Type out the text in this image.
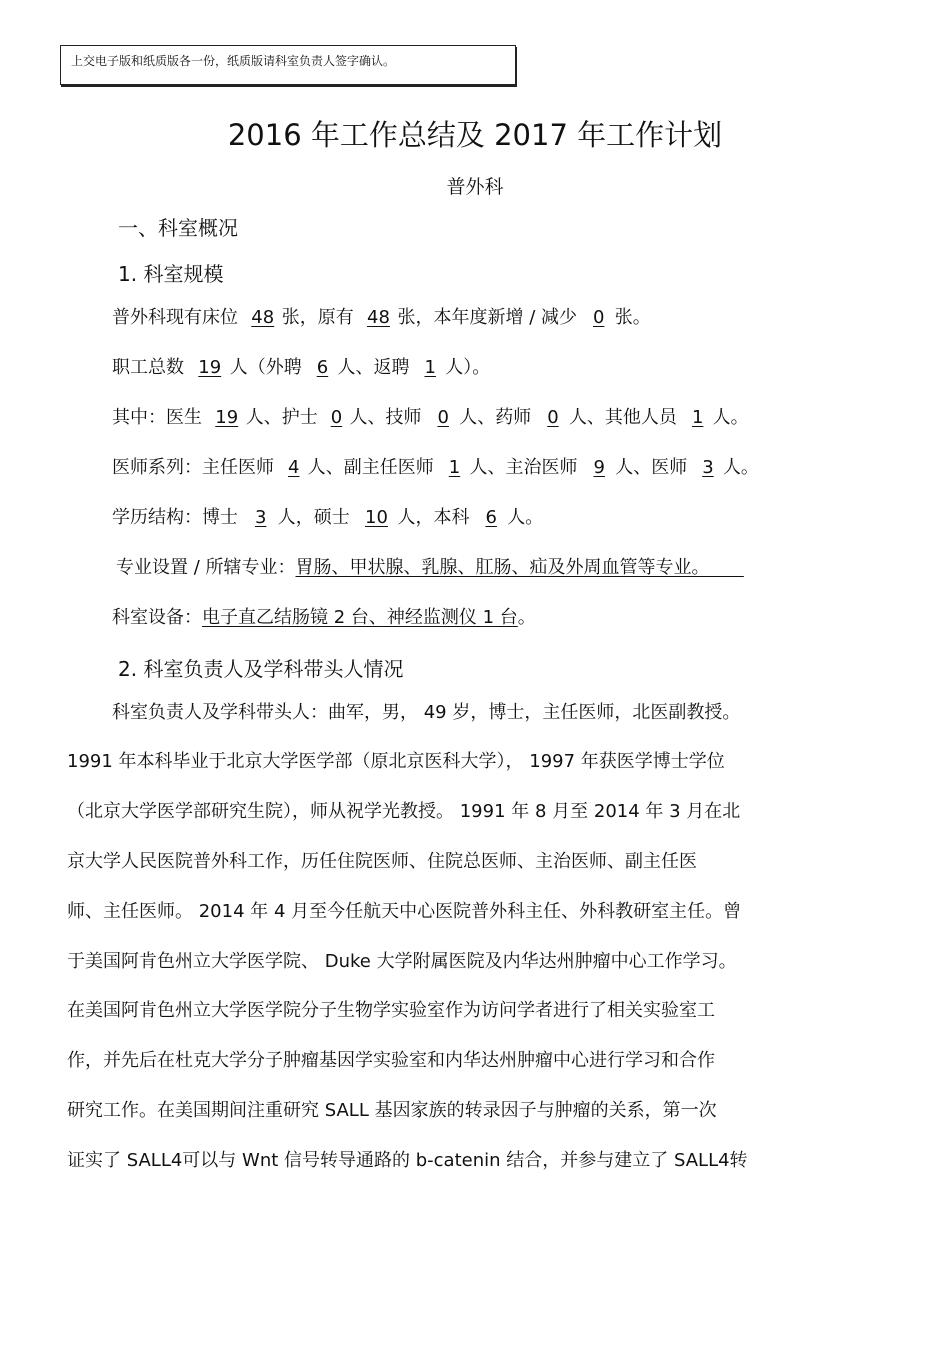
上交电子版和纸质版各一份，纸质版请科室负责人签字确认。
2016 年工作总结及 2017 年工作计划
普外科
一、科室概况
1. 科室规模
普外科现有床位 48 张，原有 48 张，本年度新增 / 减少 0 张。
职工总数 19 人（外聘 6 人、返聘 1 人）。
其中：医生 19 人、护士 0 人、技师 0 人、药师 0 人、其他人员 1 人。
医师系列：主任医师 4 人、副主任医师 1 人、主治医师 9 人、医师 3 人。
学历结构：博士 3 人，硕士 10 人，本科 6 人。
专业设置 / 所辖专业：胃肠、甲状腺、乳腺、肛肠、疝及外周血管等专业。
科室设备：电子直乙结肠镜 2 台、神经监测仪 1 台。
2. 科室负责人及学科带头人情况
科室负责人及学科带头人：曲军，男， 49 岁，博士，主任医师，北医副教授。
1991 年本科毕业于北京大学医学部（原北京医科大学）， 1997 年获医学博士学位
（北京大学医学部研究生院），师从祝学光教授。 1991 年 8 月至 2014 年 3 月在北
京大学人民医院普外科工作，历任住院医师、住院总医师、主治医师、副主任医
师、主任医师。 2014 年 4 月至今任航天中心医院普外科主任、外科教研室主任。曾
于美国阿肯色州立大学医学院、 Duke 大学附属医院及内华达州肿瘤中心工作学习。
在美国阿肯色州立大学医学院分子生物学实验室作为访问学者进行了相关实验室工
作，并先后在杜克大学分子肿瘤基因学实验室和内华达州肿瘤中心进行学习和合作
研究工作。在美国期间注重研究 SALL 基因家族的转录因子与肿瘤的关系，第一次
证实了 SALL4可以与 Wnt 信号转导通路的 b-catenin 结合，并参与建立了 SALL4转
